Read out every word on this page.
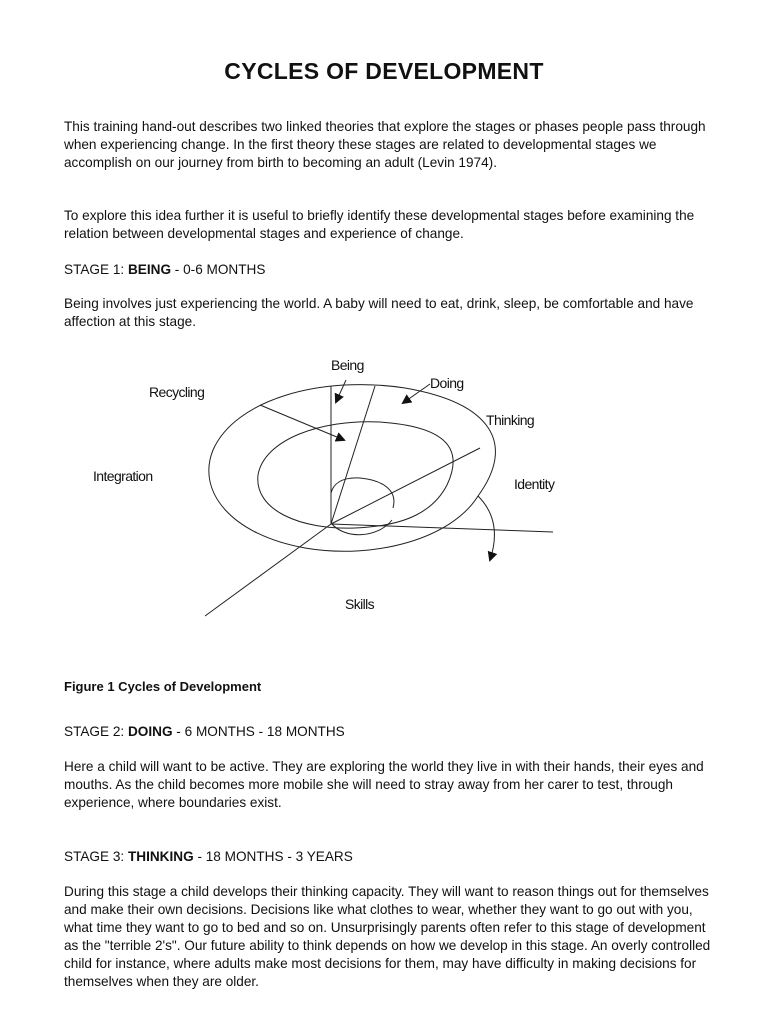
CYCLES OF DEVELOPMENT

This training hand-out describes two linked theories that explore the stages or phases people pass through when experiencing change. In the first theory these stages are related to developmental stages we accomplish on our journey from birth to becoming an adult (Levin 1974).

To explore this idea further it is useful to briefly identify these developmental stages before examining the relation between developmental stages and experience of change.

STAGE 1: BEING - 0-6 MONTHS

Being involves just experiencing the world. A baby will need to eat, drink, sleep, be comfortable and have affection at this stage.

Being
Doing
Thinking
Identity
Skills
Integration
Recycling
Figure 1 Cycles of Development

STAGE 2: DOING - 6 MONTHS - 18 MONTHS

Here a child will want to be active. They are exploring the world they live in with their hands, their eyes and mouths. As the child becomes more mobile she will need to stray away from her carer to test, through experience, where boundaries exist.

STAGE 3: THINKING - 18 MONTHS - 3 YEARS

During this stage a child develops their thinking capacity. They will want to reason things out for themselves and make their own decisions. Decisions like what clothes to wear, whether they want to go out with you, what time they want to go to bed and so on. Unsurprisingly parents often refer to this stage of development as the "terrible 2's". Our future ability to think depends on how we develop in this stage. An overly controlled child for instance, where adults make most decisions for them, may have difficulty in making decisions for themselves when they are older.
